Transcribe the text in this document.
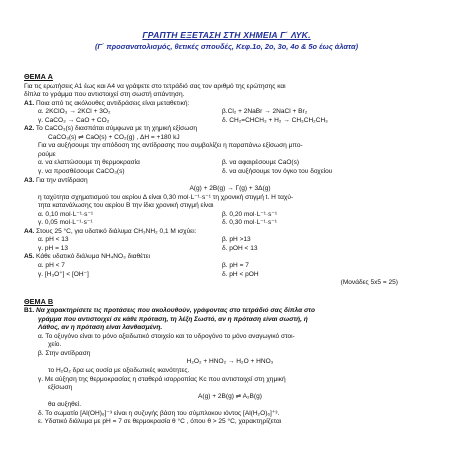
ΓΡΑΠΤΗ ΕΞΕΤΑΣΗ ΣΤΗ ΧΗΜΕΙΑ Γ΄ ΛΥΚ.
(Γ΄ προσανατολισμός, θετικές σπουδές, Κεφ.1ο, 2ο, 3ο, 4ο & 5ο έως άλατα)
ΘΕΜΑ Α
Για τις ερωτήσεις Α1 έως και Α4 να γράψετε στο τετράδιό σας τον αριθμό της ερώτησης και
δίπλα το γράμμα που αντιστοιχεί στη σωστή απάντηση.
Α1. Ποια από τις ακόλουθες αντιδράσεις είναι μεταθετική:
α. 2KClO₃ → 2KCl + 3O₂	β.Cl₂ + 2NaBr → 2NaCl + Br₂
γ. CaCO₃ → CaO + CO₂	δ. CH₂=CHCH₃ + H₂ → CH₃CH₂CH₃
Α2. Το CaCO₃(s) διασπάται σύμφωνα με τη χημική εξίσωση
CaCO₃(s) ⇌ CaO(s) + CO₂(g) , ΔΗ = +180 kJ
Για να αυξήσουμε την απόδοση της αντίδρασης που συμβολίζει η παραπάνω εξίσωση μπο-
ρούμε
α. να ελαττώσουμε τη θερμοκρασία	β. να αφαιρέσουμε CaO(s)
γ. να προσθέσουμε CaCO₃(s)	δ. να αυξήσουμε τον όγκο του δοχείου
Α3. Για την αντίδραση
Α(g) + 2Β(g) → Γ(g) + 3Δ(g)
η ταχύτητα σχηματισμού του αερίου Δ είναι 0,30 mol·L⁻¹·s⁻¹ τη χρονική στιγμή t. Η ταχύ-
τητα κατανάλωσης του αερίου Β την ίδια χρονική στιγμή είναι
α. 0,10 mol·L⁻¹·s⁻¹	β. 0,20 mol·L⁻¹·s⁻¹
γ. 0,05 mol·L⁻¹·s⁻¹	δ. 0,30 mol·L⁻¹·s⁻¹
Α4. Στους 25 °C, για υδατικό διάλυμα CH₃NH₂ 0,1 M ισχύει:
α. pH < 13	β. pH >13
γ. pH = 13	δ. pOH < 13
Α5. Κάθε υδατικό διάλυμα NH₄NO₃ διαθέτει
α. pH < 7	β. pH = 7
γ. [H₃O⁺] < [OH⁻]	δ. pH < pOH
(Μονάδες 5x5 = 25)
ΘΕΜΑ Β
Β1. Να χαρακτηρίσετε τις προτάσεις που ακολουθούν, γράφοντας στο τετράδιό σας δίπλα στο
γράμμα που αντιστοιχεί σε κάθε πρόταση, τη λέξη Σωστό, αν η πρόταση είναι σωστή, ή
Λάθος, αν η πρόταση είναι λανθασμένη.
α. Το οξυγόνο είναι το μόνο οξειδωτικό στοιχείο και το υδρογόνο το μόνο αναγωγικό στοι-
χείο.
β. Στην αντίδραση
H₂O₂ + HNO₂ → H₂O + HNO₃
το H₂O₂ δρα ως ουσία με οξειδωτικές ικανότητες.
γ. Με αύξηση της θερμοκρασίας η σταθερά ισορροπίας Kc που αντιστοιχεί στη χημική
εξίσωση
Α(g) + 2Β(g) ⇌ Α₂Β(g)
θα αυξηθεί.
δ. Το σωματίο [Al(OH)₆]⁻³ είναι η συζυγής βάση του σύμπλοκου ιόντος [Al(H₂O)₆]⁺³.
ε. Υδατικό διάλυμα με pH = 7 σε θερμοκρασία θ °C , όπου θ > 25 °C, χαρακτηρίζεται
